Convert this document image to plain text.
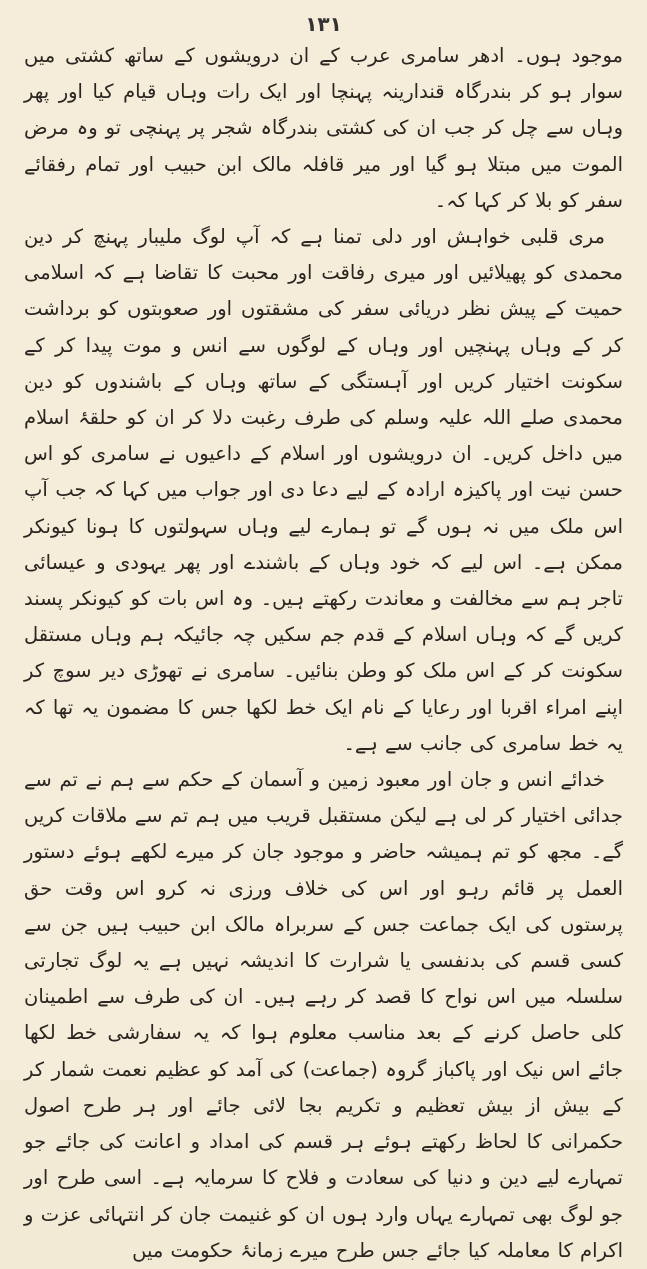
١٣١

موجود ہوں۔ ادھر سامری عرب کے ان درویشوں کے ساتھ کشتی میں سوار ہو کر بندرگاہ قندارینہ پہنچا اور ایک رات وہاں قیام کیا اور پھر وہاں سے چل کر جب ان کی کشتی بندرگاہ شجر پر پہنچی تو وہ مرض الموت میں مبتلا ہو گیا اور میر قافلہ مالک ابن حبیب اور تمام رفقائے سفر کو بلا کر کہا کہ۔

مری قلبی خواہش اور دلی تمنا ہے کہ آپ لوگ ملیبار پہنچ کر دین محمدی کو پھیلائیں اور میری رفاقت اور محبت کا تقاضا ہے کہ اسلامی حمیت کے پیش نظر دریائی سفر کی مشقتوں اور صعوبتوں کو برداشت کر کے وہاں پہنچیں اور وہاں کے لوگوں سے انس و موت پیدا کر کے سکونت اختیار کریں اور آہستگی کے ساتھ وہاں کے باشندوں کو دین محمدی صلے اللہ علیہ وسلم کی طرف رغبت دلا کر ان کو حلقۂ اسلام میں داخل کریں۔ ان درویشوں اور اسلام کے داعیوں نے سامری کو اس حسن نیت اور پاکیزہ ارادہ کے لیے دعا دی اور جواب میں کہا کہ جب آپ اس ملک میں نہ ہوں گے تو ہمارے لیے وہاں سہولتوں کا ہونا کیونکر ممکن ہے۔ اس لیے کہ خود وہاں کے باشندے اور پھر یہودی و عیسائی تاجر ہم سے مخالفت و معاندت رکھتے ہیں۔ وہ اس بات کو کیونکر پسند کریں گے کہ وہاں اسلام کے قدم جم سکیں چہ جائیکہ ہم وہاں مستقل سکونت کر کے اس ملک کو وطن بنائیں۔ سامری نے تھوڑی دیر سوچ کر اپنے امراء اقربا اور رعایا کے نام ایک خط لکھا جس کا مضمون یہ تھا کہ یہ خط سامری کی جانب سے ہے۔

خدائے انس و جان اور معبود زمین و آسمان کے حکم سے ہم نے تم سے جدائی اختیار کر لی ہے لیکن مستقبل قریب میں ہم تم سے ملاقات کریں گے۔ مجھ کو تم ہمیشہ حاضر و موجود جان کر میرے لکھے ہوئے دستور العمل پر قائم رہو اور اس کی خلاف ورزی نہ کرو اس وقت حق پرستوں کی ایک جماعت جس کے سربراہ مالک ابن حبیب ہیں جن سے کسی قسم کی بدنفسی یا شرارت کا اندیشہ نہیں ہے یہ لوگ تجارتی سلسلہ میں اس نواح کا قصد کر رہے ہیں۔ ان کی طرف سے اطمینان کلی حاصل کرنے کے بعد مناسب معلوم ہوا کہ یہ سفارشی خط لکھا جائے اس نیک اور پاکباز گروہ (جماعت) کی آمد کو عظیم نعمت شمار کر کے بیش از بیش تعظیم و تکریم بجا لائی جائے اور ہر طرح اصول حکمرانی کا لحاظ رکھتے ہوئے ہر قسم کی امداد و اعانت کی جائے جو تمہارے لیے دین و دنیا کی سعادت و فلاح کا سرمایہ ہے۔ اسی طرح اور جو لوگ بھی تمہارے یہاں وارد ہوں ان کو غنیمت جان کر انتہائی عزت و اکرام کا معاملہ کیا جائے جس طرح میرے زمانۂ حکومت میں
